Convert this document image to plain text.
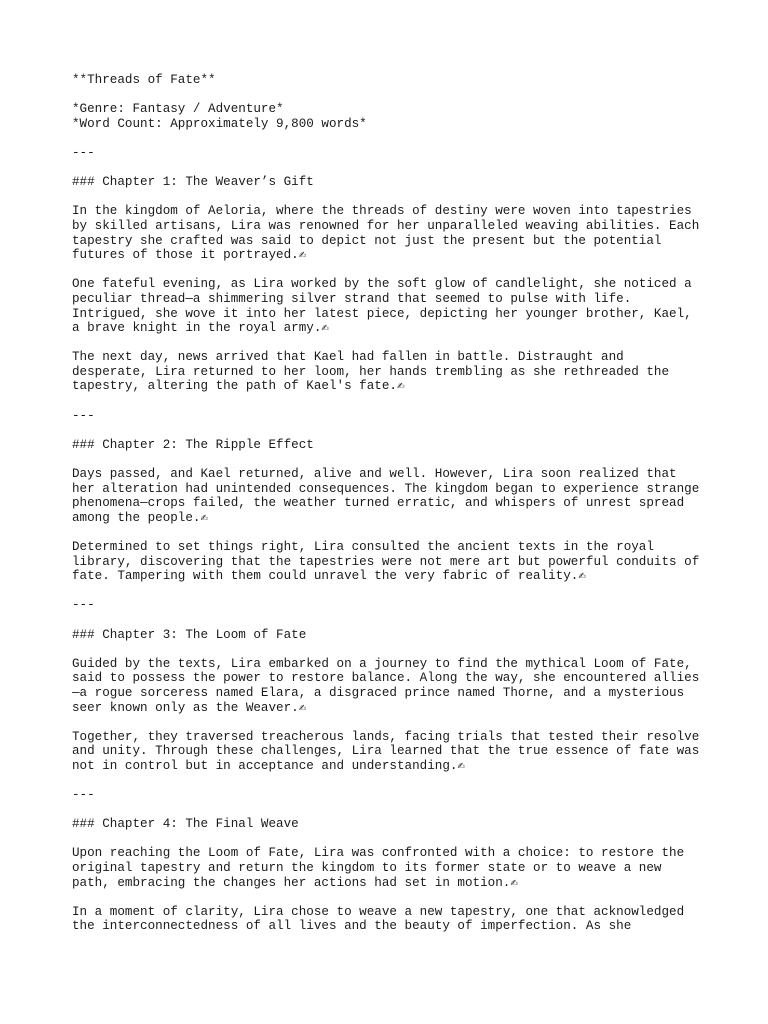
**Threads of Fate**
*Genre: Fantasy / Adventure*
*Word Count: Approximately 9,800 words*
---
### Chapter 1: The Weaver’s Gift
In the kingdom of Aeloria, where the threads of destiny were woven into tapestries
by skilled artisans, Lira was renowned for her unparalleled weaving abilities. Each
tapestry she crafted was said to depict not just the present but the potential
futures of those it portrayed.✍
One fateful evening, as Lira worked by the soft glow of candlelight, she noticed a
peculiar thread—a shimmering silver strand that seemed to pulse with life.
Intrigued, she wove it into her latest piece, depicting her younger brother, Kael,
a brave knight in the royal army.✍
The next day, news arrived that Kael had fallen in battle. Distraught and
desperate, Lira returned to her loom, her hands trembling as she rethreaded the
tapestry, altering the path of Kael's fate.✍
---
### Chapter 2: The Ripple Effect
Days passed, and Kael returned, alive and well. However, Lira soon realized that
her alteration had unintended consequences. The kingdom began to experience strange
phenomena—crops failed, the weather turned erratic, and whispers of unrest spread
among the people.✍
Determined to set things right, Lira consulted the ancient texts in the royal
library, discovering that the tapestries were not mere art but powerful conduits of
fate. Tampering with them could unravel the very fabric of reality.✍
---
### Chapter 3: The Loom of Fate
Guided by the texts, Lira embarked on a journey to find the mythical Loom of Fate,
said to possess the power to restore balance. Along the way, she encountered allies
—a rogue sorceress named Elara, a disgraced prince named Thorne, and a mysterious
seer known only as the Weaver.✍
Together, they traversed treacherous lands, facing trials that tested their resolve
and unity. Through these challenges, Lira learned that the true essence of fate was
not in control but in acceptance and understanding.✍
---
### Chapter 4: The Final Weave
Upon reaching the Loom of Fate, Lira was confronted with a choice: to restore the
original tapestry and return the kingdom to its former state or to weave a new
path, embracing the changes her actions had set in motion.✍
In a moment of clarity, Lira chose to weave a new tapestry, one that acknowledged
the interconnectedness of all lives and the beauty of imperfection. As she
